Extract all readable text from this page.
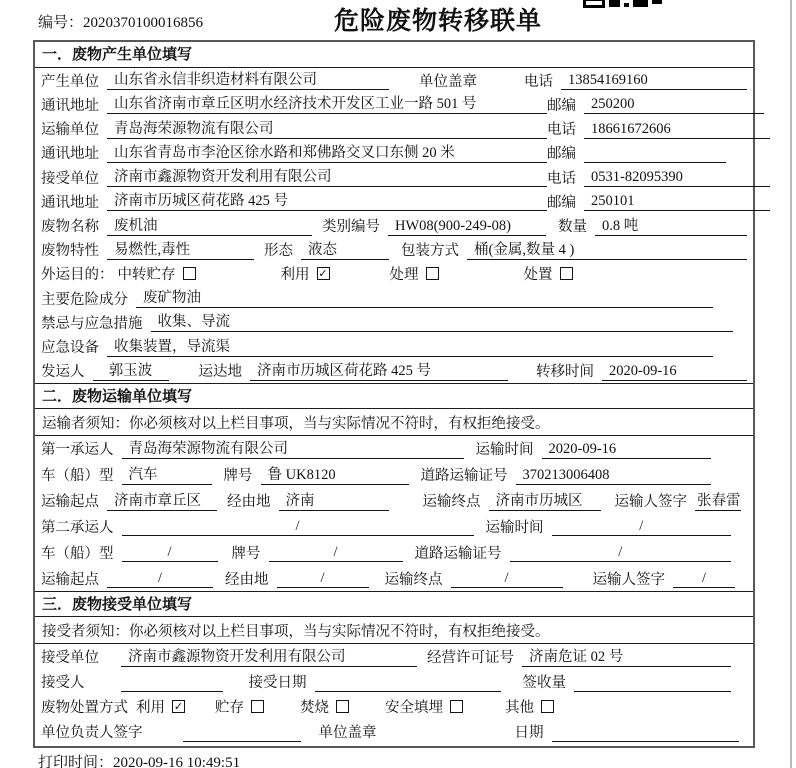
编号：2020370100016856	危险废物转移联单
一．废物产生单位填写
产生单位	山东省永信非织造材料有限公司	单位盖章	电话	13854169160
通讯地址	山东省济南市章丘区明水经济技术开发区工业一路 501 号	邮编	250200
运输单位	青岛海荣源物流有限公司	电话	18661672606
通讯地址	山东省青岛市李沧区徐水路和郑佛路交叉口东侧 20 米	邮编
接受单位	济南市鑫源物资开发利用有限公司	电话	0531-82095390
通讯地址	济南市历城区荷花路 425 号	邮编	250101
废物名称	废机油	类别编号	HW08(900-249-08)	数量	0.8 吨
废物特性	易燃性,毒性	形态	液态	包装方式	桶(金属,数量 4 )
外运目的： 中转贮存	利用 ✓	处理	处置
主要危险成分	废矿物油
禁忌与应急措施	收集、导流
应急设备	收集装置，导流渠
发运人	郭玉波	运达地	济南市历城区荷花路 425 号	转移时间	2020-09-16
二．废物运输单位填写
运输者须知：你必须核对以上栏目事项，当与实际情况不符时，有权拒绝接受。
第一承运人	青岛海荣源物流有限公司	运输时间	2020-09-16
车（船）型	汽车	牌号	鲁 UK8120	道路运输证号	370213006408
运输起点	济南市章丘区	经由地	济南	运输终点	济南市历城区	运输人签字 张春雷
第二承运人	/	运输时间	/
车（船）型	/	牌号	/	道路运输证号	/
运输起点	/	经由地	/	运输终点	/	运输人签字	/
三．废物接受单位填写
接受者须知：你必须核对以上栏目事项，当与实际情况不符时，有权拒绝接受。
接受单位	济南市鑫源物资开发利用有限公司	经营许可证号	济南危证 02 号
接受人	接受日期	签收量
废物处置方式 利用 ✓ 贮存	焚烧	安全填埋	其他
单位负责人签字	单位盖章	日期
打印时间：2020-09-16 10:49:51
